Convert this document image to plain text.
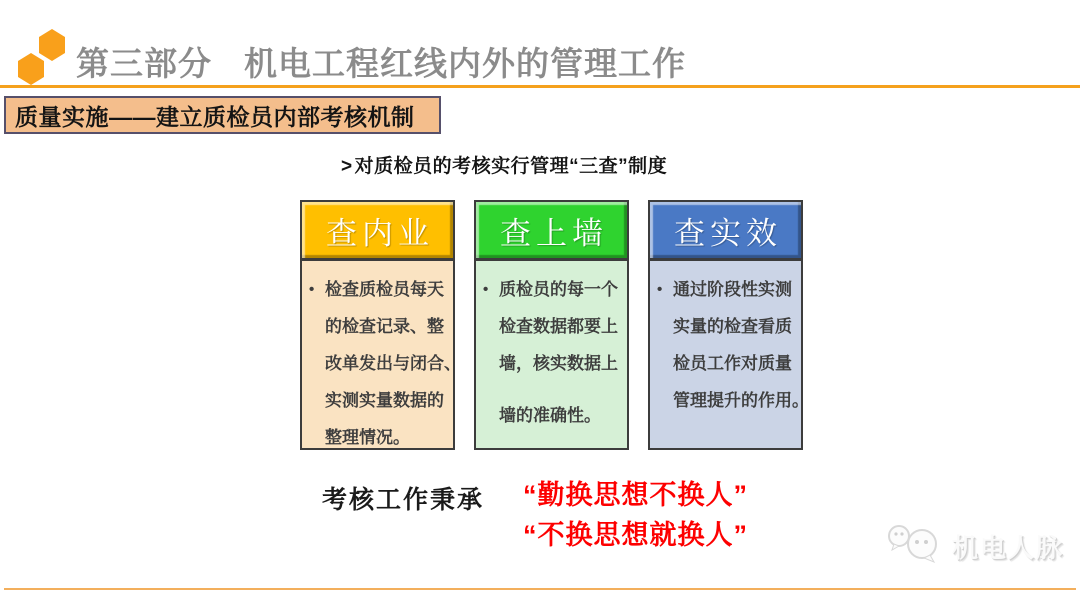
第三部分 机电工程红线内外的管理工作
质量实施——建立质检员内部考核机制
> 对质检员的考核实行管理“三查”制度
查内业
• 检查质检员每天
的检查记录、整
改单发出与闭合、
实测实量数据的
整理情况。
查上墙
• 质检员的每一个
检查数据都要上
墙，核实数据上
墙的准确性。
查实效
• 通过阶段性实测
实量的检查看质
检员工作对质量
管理提升的作用。
考核工作秉承 “勤换思想不换人”
“不换思想就换人”	机电人脉
